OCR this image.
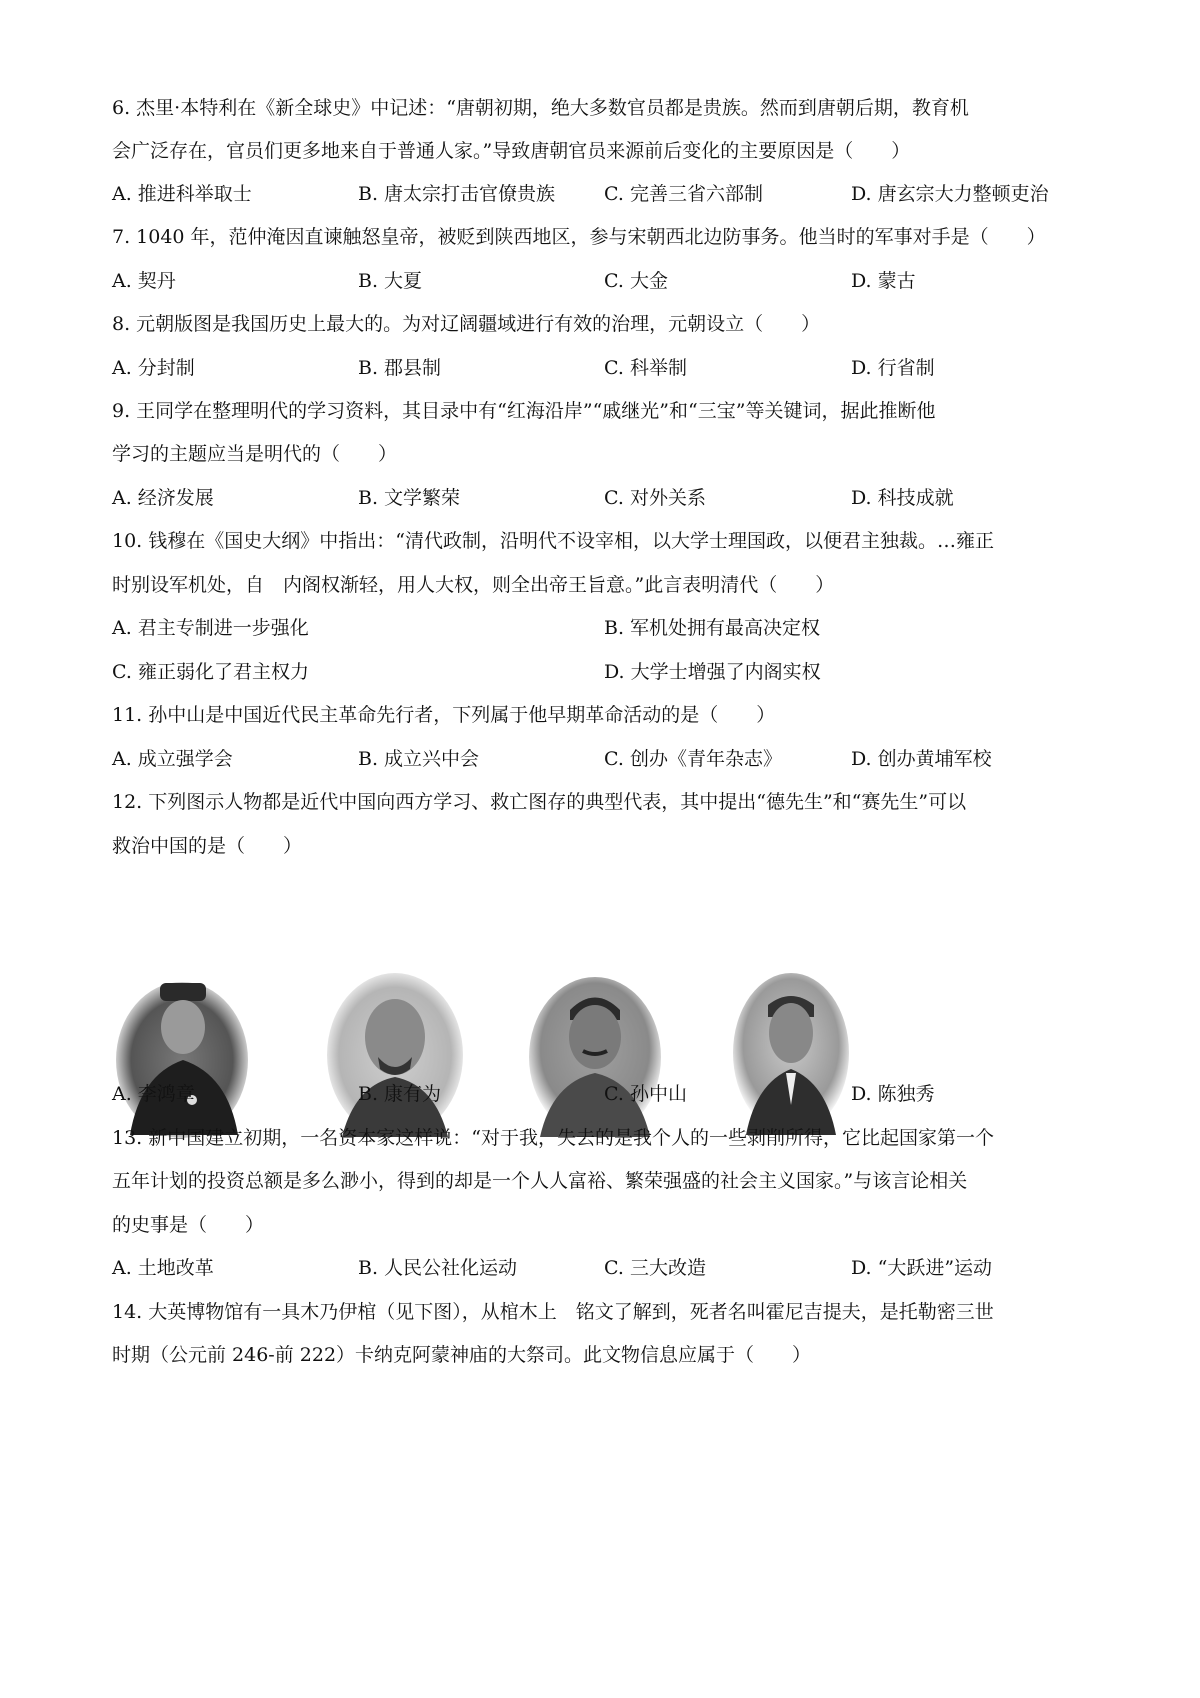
6. 杰里·本特利在《新全球史》中记述：“唐朝初期，绝大多数官员都是贵族。然而到唐朝后期，教育机
会广泛存在，官员们更多地来自于普通人家。”导致唐朝官员来源前后变化的主要原因是（　　）
A. 推进科举取士	B. 唐太宗打击官僚贵族	C. 完善三省六部制	D. 唐玄宗大力整顿吏治
7. 1040 年，范仲淹因直谏触怒皇帝，被贬到陕西地区，参与宋朝西北边防事务。他当时的军事对手是（　　）
A. 契丹	B. 大夏	C. 大金	D. 蒙古
8. 元朝版图是我国历史上最大的。为对辽阔疆域进行有效的治理，元朝设立（　　）
A. 分封制	B. 郡县制	C. 科举制	D. 行省制
9. 王同学在整理明代的学习资料，其目录中有“红海沿岸”“戚继光”和“三宝”等关键词，据此推断他
学习的主题应当是明代的（　　）
A. 经济发展	B. 文学繁荣	C. 对外关系	D. 科技成就
10. 钱穆在《国史大纲》中指出：“清代政制，沿明代不设宰相，以大学士理国政，以便君主独裁。…雍正
时别设军机处，自　内阁权渐轻，用人大权，则全出帝王旨意。”此言表明清代（　　）
A. 君主专制进一步强化	B. 军机处拥有最高决定权
C. 雍正弱化了君主权力	D. 大学士增强了内阁实权
11. 孙中山是中国近代民主革命先行者，下列属于他早期革命活动的是（　　）
A. 成立强学会	B. 成立兴中会	C. 创办《青年杂志》	D. 创办黄埔军校
12. 下列图示人物都是近代中国向西方学习、救亡图存的典型代表，其中提出“德先生”和“赛先生”可以
救治中国的是（　　）
A. 李鸿章	B. 康有为	C. 孙中山	D. 陈独秀
13. 新中国建立初期，一名资本家这样说：“对于我，失去的是我个人的一些剥削所得，它比起国家第一个
五年计划的投资总额是多么渺小，得到的却是一个人人富裕、繁荣强盛的社会主义国家。”与该言论相关
的史事是（　　）
A. 土地改革	B. 人民公社化运动	C. 三大改造	D. “大跃进”运动
14. 大英博物馆有一具木乃伊棺（见下图），从棺木上　铭文了解到，死者名叫霍尼吉提夫，是托勒密三世
时期（公元前 246-前 222）卡纳克阿蒙神庙的大祭司。此文物信息应属于（　　）
